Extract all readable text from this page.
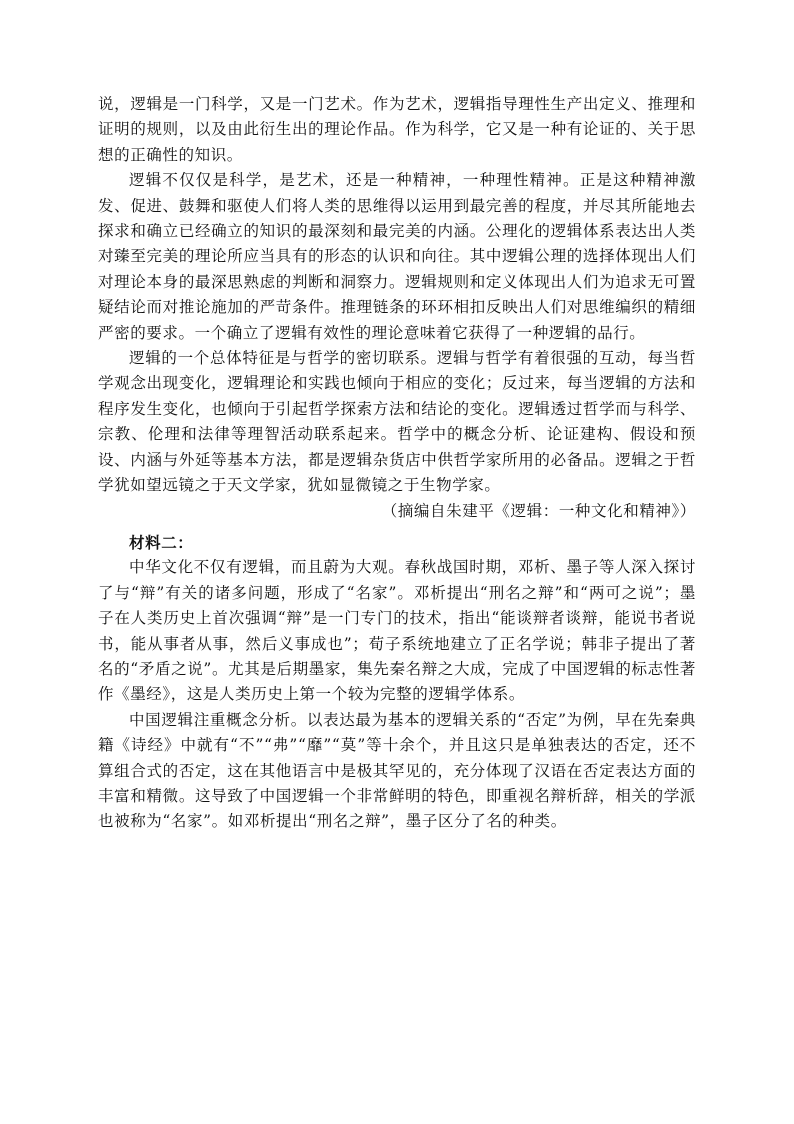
说，逻辑是一门科学，又是一门艺术。作为艺术，逻辑指导理性生产出定义、推理和证明的规则，以及由此衍生出的理论作品。作为科学，它又是一种有论证的、关于思想的正确性的知识。

逻辑不仅仅是科学，是艺术，还是一种精神，一种理性精神。正是这种精神激发、促进、鼓舞和驱使人们将人类的思维得以运用到最完善的程度，并尽其所能地去探求和确立已经确立的知识的最深刻和最完美的内涵。公理化的逻辑体系表达出人类对臻至完美的理论所应当具有的形态的认识和向往。其中逻辑公理的选择体现出人们对理论本身的最深思熟虑的判断和洞察力。逻辑规则和定义体现出人们为追求无可置疑结论而对推论施加的严苛条件。推理链条的环环相扣反映出人们对思维编织的精细严密的要求。一个确立了逻辑有效性的理论意味着它获得了一种逻辑的品行。

逻辑的一个总体特征是与哲学的密切联系。逻辑与哲学有着很强的互动，每当哲学观念出现变化，逻辑理论和实践也倾向于相应的变化；反过来，每当逻辑的方法和程序发生变化，也倾向于引起哲学探索方法和结论的变化。逻辑透过哲学而与科学、宗教、伦理和法律等理智活动联系起来。哲学中的概念分析、论证建构、假设和预设、内涵与外延等基本方法，都是逻辑杂货店中供哲学家所用的必备品。逻辑之于哲学犹如望远镜之于天文学家，犹如显微镜之于生物学家。

（摘编自朱建平《逻辑：一种文化和精神》）

材料二：

中华文化不仅有逻辑，而且蔚为大观。春秋战国时期，邓析、墨子等人深入探讨了与“辩”有关的诸多问题，形成了“名家”。邓析提出“刑名之辩”和“两可之说”；墨子在人类历史上首次强调“辩”是一门专门的技术，指出“能谈辩者谈辩，能说书者说书，能从事者从事，然后义事成也”；荀子系统地建立了正名学说；韩非子提出了著名的“矛盾之说”。尤其是后期墨家，集先秦名辩之大成，完成了中国逻辑的标志性著作《墨经》，这是人类历史上第一个较为完整的逻辑学体系。

中国逻辑注重概念分析。以表达最为基本的逻辑关系的“否定”为例，早在先秦典籍《诗经》中就有“不”“弗”“靡”“莫”等十余个，并且这只是单独表达的否定，还不算组合式的否定，这在其他语言中是极其罕见的，充分体现了汉语在否定表达方面的丰富和精微。这导致了中国逻辑一个非常鲜明的特色，即重视名辩析辞，相关的学派也被称为“名家”。如邓析提出“刑名之辩”，墨子区分了名的种类。
